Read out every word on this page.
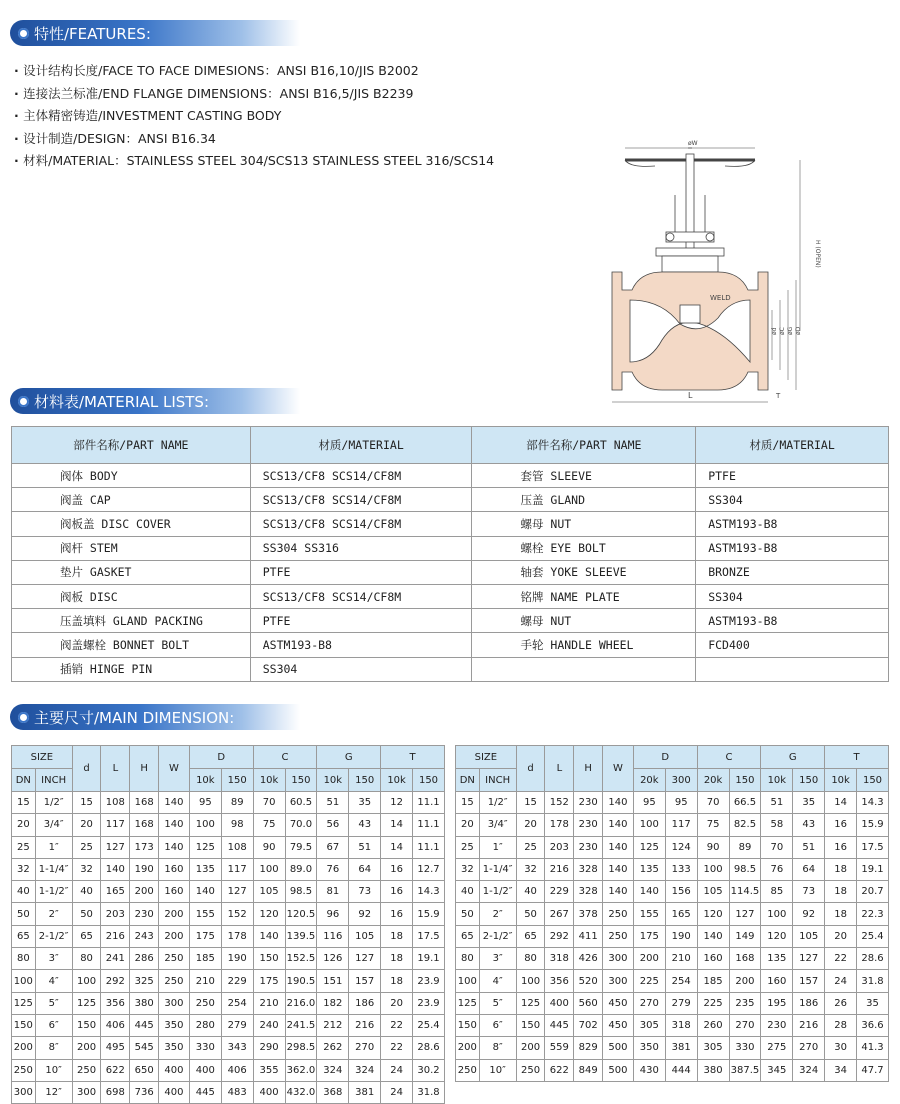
特性/FEATURES:
· 设计结构长度/FACE TO FACE DIMESIONS：ANSI B16,10/JIS B2002
· 连接法兰标准/END FLANGE DIMENSIONS：ANSI B16,5/JIS B2239
· 主体精密铸造/INVESTMENT CASTING BODY
· 设计制造/DESIGN：ANSI B16.34
· 材料/MATERIAL：STAINLESS STEEL 304/SCS13 STAINLESS STEEL 316/SCS14
øW
H (OPEN)
WELD
ød øC øG øD
L	T
材料表/MATERIAL LISTS:
部件名称/PART NAME	材质/MATERIAL	部件名称/PART NAME	材质/MATERIAL
阀体 BODY	SCS13/CF8 SCS14/CF8M	套管 SLEEVE	PTFE
阀盖 CAP	SCS13/CF8 SCS14/CF8M	压盖 GLAND	SS304
阀板盖 DISC COVER	SCS13/CF8 SCS14/CF8M	螺母 NUT	ASTM193-B8
阀杆 STEM	SS304 SS316	螺栓 EYE BOLT	ASTM193-B8
垫片 GASKET	PTFE	轴套 YOKE SLEEVE	BRONZE
阀板 DISC	SCS13/CF8 SCS14/CF8M	铭牌 NAME PLATE	SS304
压盖填料 GLAND PACKING	PTFE	螺母 NUT	ASTM193-B8
阀盖螺栓 BONNET BOLT	ASTM193-B8	手轮 HANDLE WHEEL	FCD400
插销 HINGE PIN	SS304		
主要尺寸/MAIN DIMENSION:
SIZE		d	L	H	W	D		C		G		T	
DN	INCH					10k	150	10k	150	10k	150	10k	150
15	1/2″	15	108	168	140	95	89	70	60.5	51	35	12	11.1
20	3/4″	20	117	168	140	100	98	75	70.0	56	43	14	11.1
25	1″	25	127	173	140	125	108	90	79.5	67	51	14	11.1
32	1-1/4″	32	140	190	160	135	117	100	89.0	76	64	16	12.7
40	1-1/2″	40	165	200	160	140	127	105	98.5	81	73	16	14.3
50	2″	50	203	230	200	155	152	120	120.5	96	92	16	15.9
65	2-1/2″	65	216	243	200	175	178	140	139.5	116	105	18	17.5
80	3″	80	241	286	250	185	190	150	152.5	126	127	18	19.1
100	4″	100	292	325	250	210	229	175	190.5	151	157	18	23.9
125	5″	125	356	380	300	250	254	210	216.0	182	186	20	23.9
150	6″	150	406	445	350	280	279	240	241.5	212	216	22	25.4
200	8″	200	495	545	350	330	343	290	298.5	262	270	22	28.6
250	10″	250	622	650	400	400	406	355	362.0	324	324	24	30.2
300	12″	300	698	736	400	445	483	400	432.0	368	381	24	31.8
SIZE		d	L	H	W	D		C		G		T	
DN	INCH					20k	300	20k	150	10k	150	10k	150
15	1/2″	15	152	230	140	95	95	70	66.5	51	35	14	14.3
20	3/4″	20	178	230	140	100	117	75	82.5	58	43	16	15.9
25	1″	25	203	230	140	125	124	90	89	70	51	16	17.5
32	1-1/4″	32	216	328	140	135	133	100	98.5	76	64	18	19.1
40	1-1/2″	40	229	328	140	140	156	105	114.5	85	73	18	20.7
50	2″	50	267	378	250	155	165	120	127	100	92	18	22.3
65	2-1/2″	65	292	411	250	175	190	140	149	120	105	20	25.4
80	3″	80	318	426	300	200	210	160	168	135	127	22	28.6
100	4″	100	356	520	300	225	254	185	200	160	157	24	31.8
125	5″	125	400	560	450	270	279	225	235	195	186	26	35
150	6″	150	445	702	450	305	318	260	270	230	216	28	36.6
200	8″	200	559	829	500	350	381	305	330	275	270	30	41.3
250	10″	250	622	849	500	430	444	380	387.5	345	324	34	47.7
